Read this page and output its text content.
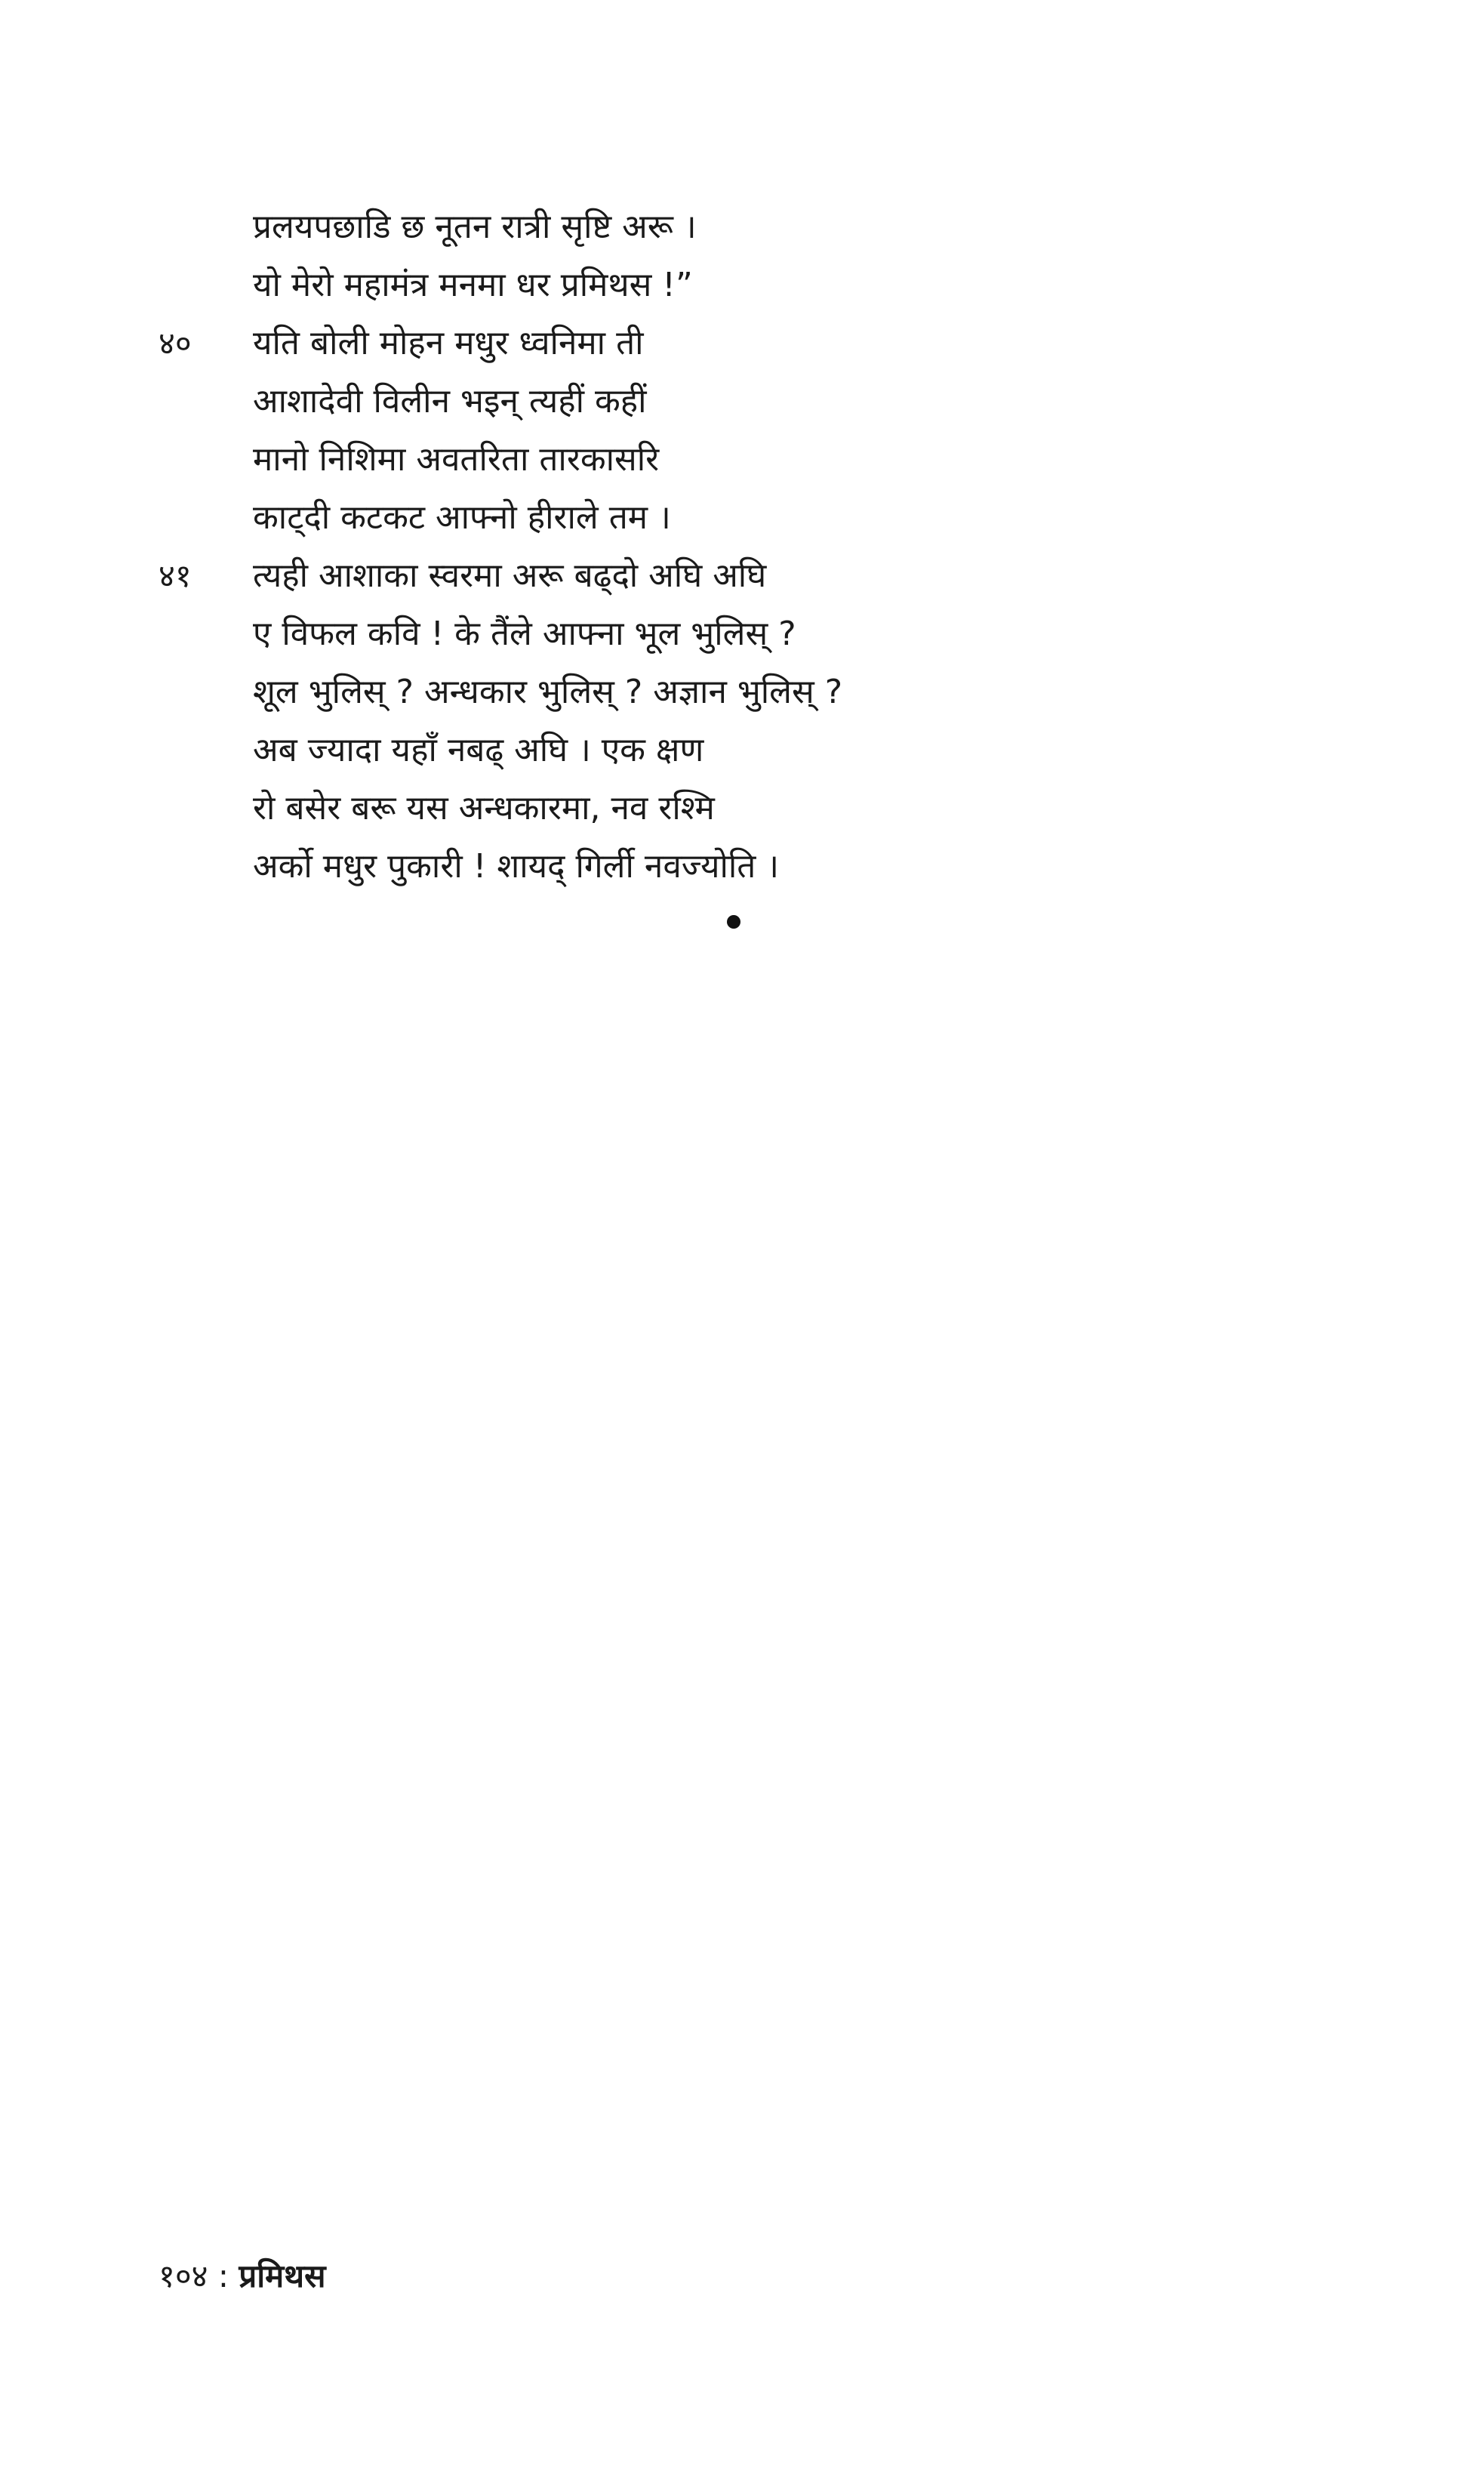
प्रलयपछाडि छ नूतन रात्री सृष्टि अरू ।
यो मेरो महामंत्र मनमा धर प्रमिथस !”
४०	यति बोली मोहन मधुर ध्वनिमा ती
आशादेवी विलीन भइन् त्यहीं कहीं
मानो निशिमा अवतरिता तारकासरि
काट्दी कटकट आफ्नो हीराले तम ।
४१	त्यही आशाका स्वरमा अरू बढ्दो अघि अघि
ए विफल कवि ! के तैंले आफ्ना भूल भुलिस् ?
शूल भुलिस् ? अन्धकार भुलिस् ? अज्ञान भुलिस् ?
अब ज्यादा यहाँ नबढ् अघि । एक क्षण
रो बसेर बरू यस अन्धकारमा, नव रश्मि
अर्को मधुर पुकारी ! शायद् गिर्ली नवज्योति ।
१०४ : प्रमिथस
